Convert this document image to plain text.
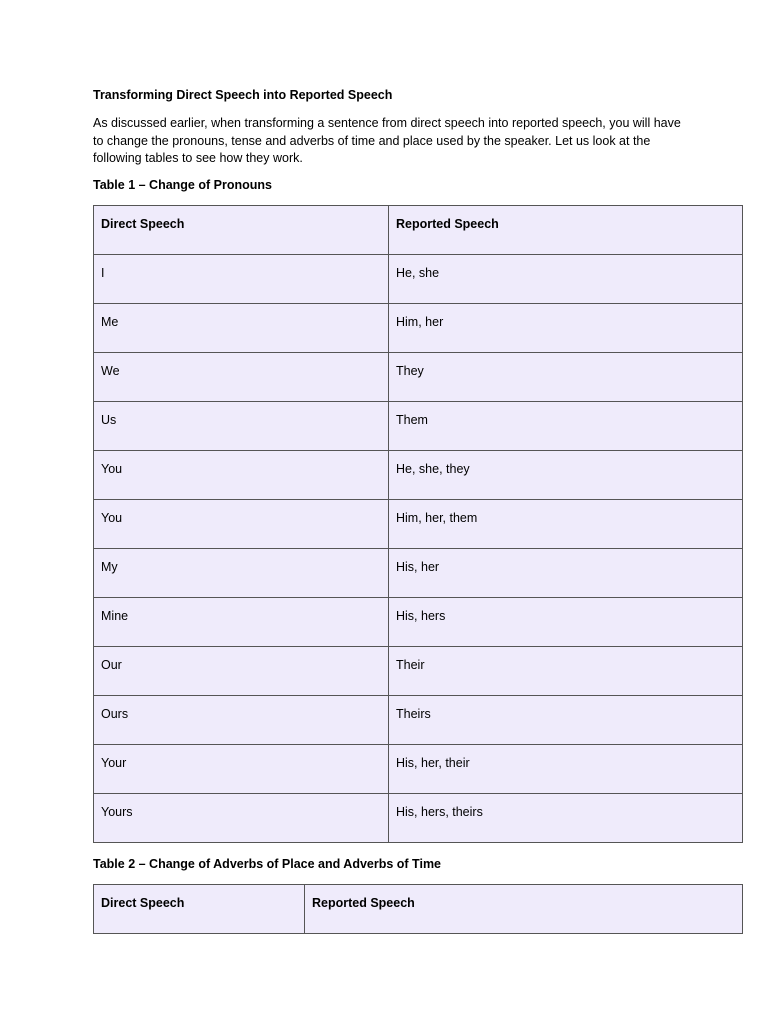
Transforming Direct Speech into Reported Speech
As discussed earlier, when transforming a sentence from direct speech into reported speech, you will have to change the pronouns, tense and adverbs of time and place used by the speaker. Let us look at the following tables to see how they work.
Table 1 – Change of Pronouns
Direct Speech	Reported Speech

I	He, she

Me	Him, her

We	They

Us	Them

You	He, she, they

You	Him, her, them

My	His, her

Mine	His, hers

Our	Their

Ours	Theirs

Your	His, her, their

Yours	His, hers, theirs
Table 2 – Change of Adverbs of Place and Adverbs of Time
Direct Speech	Reported Speech
